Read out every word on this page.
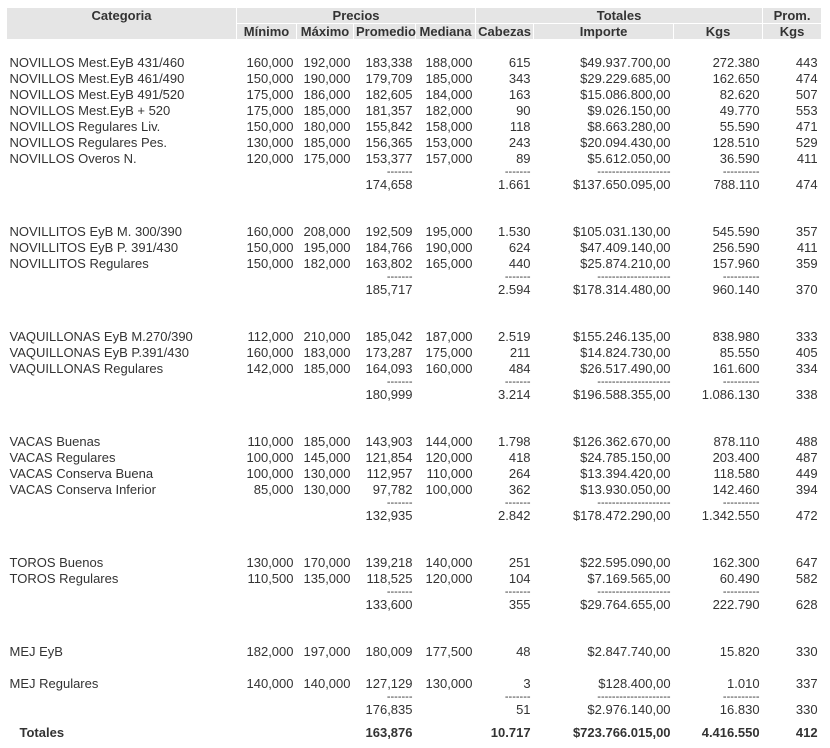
Categoria	Precios				Totales			Prom.
	Mínimo	Máximo	Promedio	Mediana	Cabezas	Importe	Kgs	Kgs

NOVILLOS Mest.EyB 431/460	160,000	192,000	183,338	188,000	615	$49.937.700,00	272.380	443
NOVILLOS Mest.EyB 461/490	150,000	190,000	179,709	185,000	343	$29.229.685,00	162.650	474
NOVILLOS Mest.EyB 491/520	175,000	186,000	182,605	184,000	163	$15.086.800,00	82.620	507
NOVILLOS Mest.EyB + 520	175,000	185,000	181,357	182,000	90	$9.026.150,00	49.770	553
NOVILLOS Regulares Liv.	150,000	180,000	155,842	158,000	118	$8.663.280,00	55.590	471
NOVILLOS Regulares Pes.	130,000	185,000	156,365	153,000	243	$20.094.430,00	128.510	529
NOVILLOS Overos N.	120,000	175,000	153,377	157,000	89	$5.612.050,00	36.590	411
			-------		-------	--------------------	----------	
			174,658		1.661	$137.650.095,00	788.110	474

NOVILLITOS EyB M. 300/390	160,000	208,000	192,509	195,000	1.530	$105.031.130,00	545.590	357
NOVILLITOS EyB P. 391/430	150,000	195,000	184,766	190,000	624	$47.409.140,00	256.590	411
NOVILLITOS Regulares	150,000	182,000	163,802	165,000	440	$25.874.210,00	157.960	359
			-------		-------	--------------------	----------	
			185,717		2.594	$178.314.480,00	960.140	370

VAQUILLONAS EyB M.270/390	112,000	210,000	185,042	187,000	2.519	$155.246.135,00	838.980	333
VAQUILLONAS EyB P.391/430	160,000	183,000	173,287	175,000	211	$14.824.730,00	85.550	405
VAQUILLONAS Regulares	142,000	185,000	164,093	160,000	484	$26.517.490,00	161.600	334
			-------		-------	--------------------	----------	
			180,999		3.214	$196.588.355,00	1.086.130	338

VACAS Buenas	110,000	185,000	143,903	144,000	1.798	$126.362.670,00	878.110	488
VACAS Regulares	100,000	145,000	121,854	120,000	418	$24.785.150,00	203.400	487
VACAS Conserva Buena	100,000	130,000	112,957	110,000	264	$13.394.420,00	118.580	449
VACAS Conserva Inferior	85,000	130,000	97,782	100,000	362	$13.930.050,00	142.460	394
			-------		-------	--------------------	----------	
			132,935		2.842	$178.472.290,00	1.342.550	472

TOROS Buenos	130,000	170,000	139,218	140,000	251	$22.595.090,00	162.300	647
TOROS Regulares	110,500	135,000	118,525	120,000	104	$7.169.565,00	60.490	582
			-------		-------	--------------------	----------	
			133,600		355	$29.764.655,00	222.790	628

MEJ EyB	182,000	197,000	180,009	177,500	48	$2.847.740,00	15.820	330

MEJ Regulares	140,000	140,000	127,129	130,000	3	$128.400,00	1.010	337
			-------		-------	--------------------	----------	
			176,835		51	$2.976.140,00	16.830	330
Totales			163,876		10.717	$723.766.015,00	4.416.550	412
